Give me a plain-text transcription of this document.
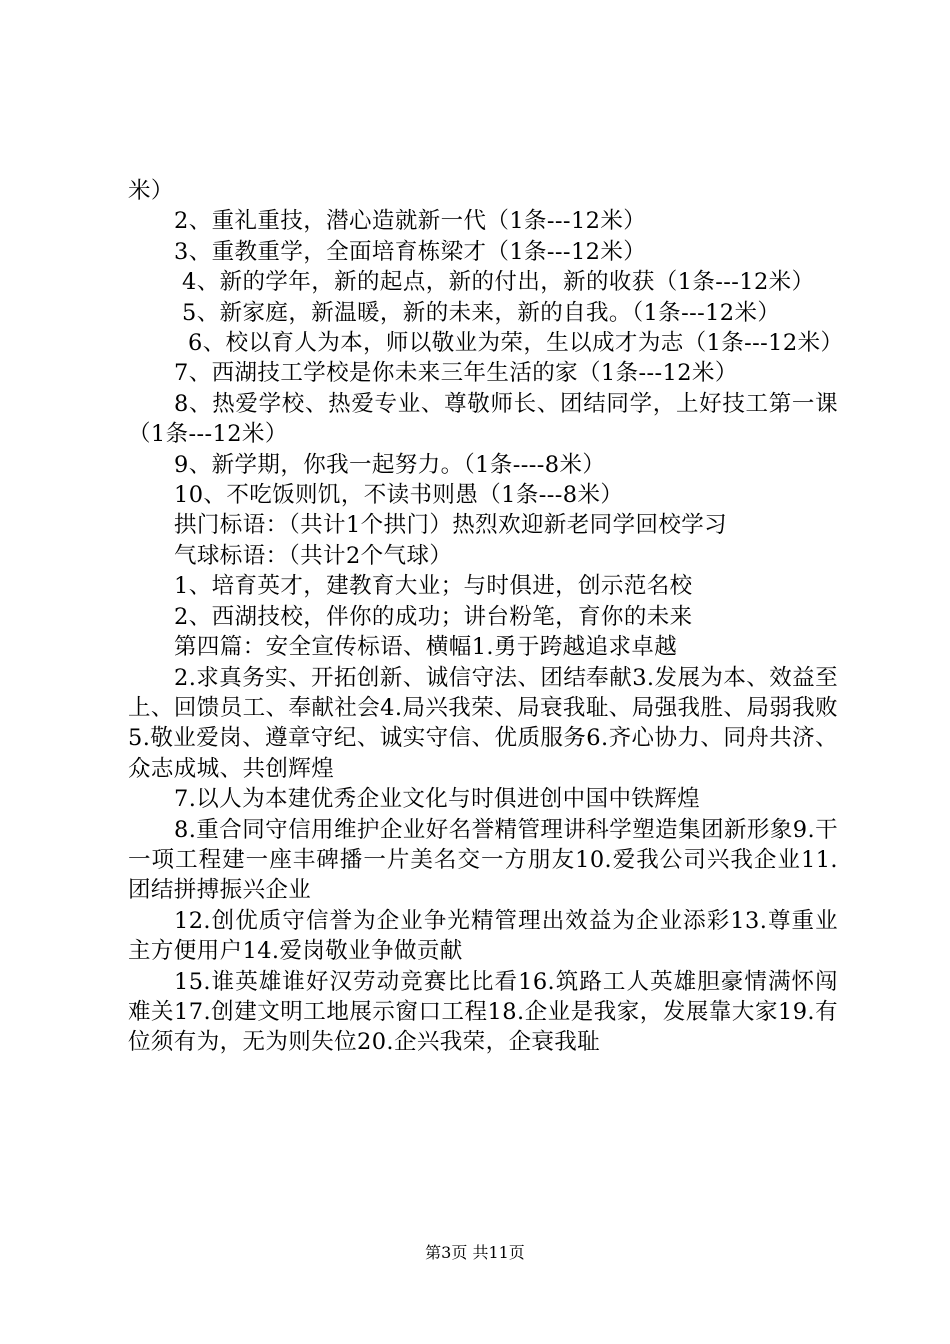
米）

2、重礼重技，潜心造就新一代（1条---12米）

3、重教重学，全面培育栋梁才（1条---12米）

4、新的学年，新的起点，新的付出，新的收获（1条---12米）

5、新家庭，新温暖，新的未来，新的自我。（1条---12米）

6、校以育人为本，师以敬业为荣，生以成才为志（1条---12米）

7、西湖技工学校是你未来三年生活的家（1条---12米）

8、热爱学校、热爱专业、尊敬师长、团结同学，上好技工第一课（1条---12米）

9、新学期，你我一起努力。（1条----8米）

10、不吃饭则饥，不读书则愚（1条---8米）

拱门标语：（共计1个拱门）热烈欢迎新老同学回校学习

气球标语：（共计2个气球）

1、培育英才，建教育大业；与时俱进，创示范名校

2、西湖技校，伴你的成功；讲台粉笔，育你的未来

第四篇：安全宣传标语、横幅1.勇于跨越追求卓越

2.求真务实、开拓创新、诚信守法、团结奉献3.发展为本、效益至上、回馈员工、奉献社会4.局兴我荣、局衰我耻、局强我胜、局弱我败5.敬业爱岗、遵章守纪、诚实守信、优质服务6.齐心协力、同舟共济、众志成城、共创辉煌

7.以人为本建优秀企业文化与时俱进创中国中铁辉煌

8.重合同守信用维护企业好名誉精管理讲科学塑造集团新形象9.干一项工程建一座丰碑播一片美名交一方朋友10.爱我公司兴我企业11.团结拼搏振兴企业

12.创优质守信誉为企业争光精管理出效益为企业添彩13.尊重业主方便用户14.爱岗敬业争做贡献

15.谁英雄谁好汉劳动竞赛比比看16.筑路工人英雄胆豪情满怀闯难关17.创建文明工地展示窗口工程18.企业是我家，发展靠大家19.有位须有为，无为则失位20.企兴我荣，企衰我耻

第3页 共11页
